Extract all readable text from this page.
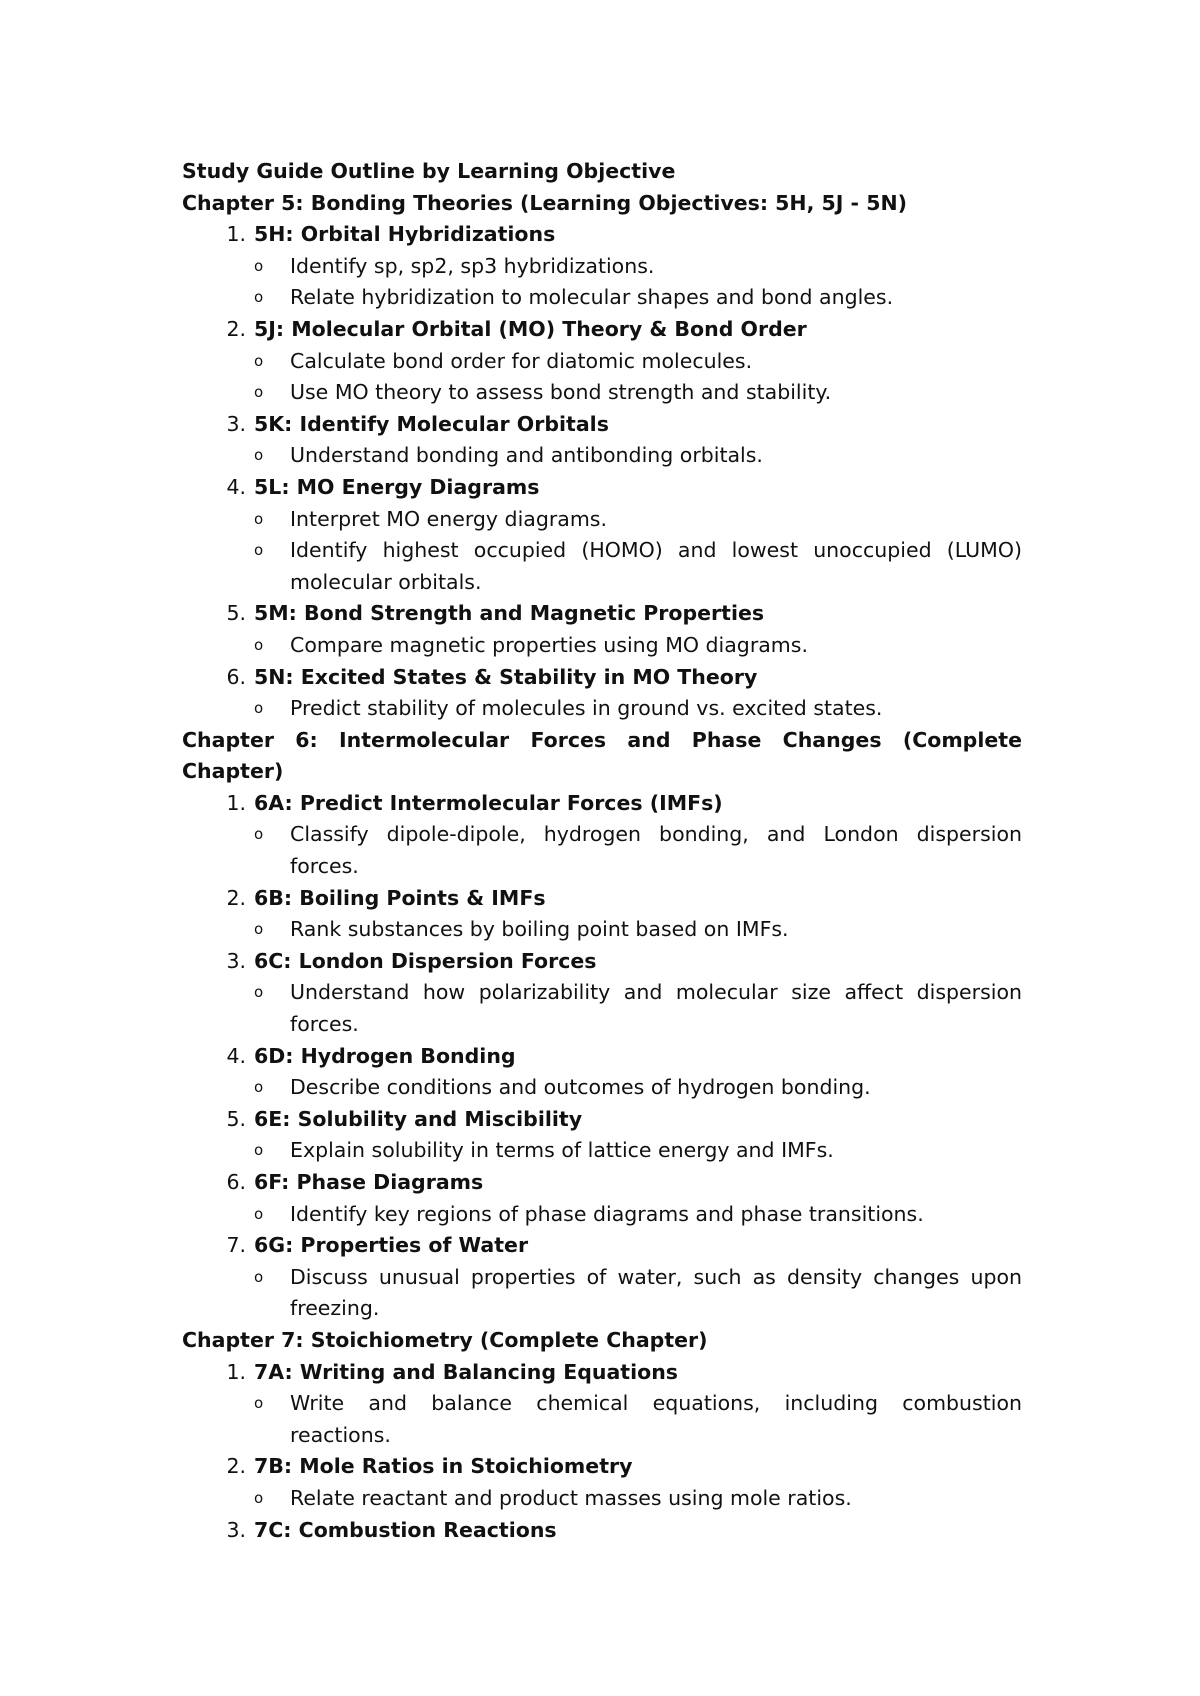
Study Guide Outline by Learning Objective
Chapter 5: Bonding Theories (Learning Objectives: 5H, 5J - 5N)
1. 5H: Orbital Hybridizations
o Identify sp, sp2, sp3 hybridizations.
o Relate hybridization to molecular shapes and bond angles.
2. 5J: Molecular Orbital (MO) Theory & Bond Order
o Calculate bond order for diatomic molecules.
o Use MO theory to assess bond strength and stability.
3. 5K: Identify Molecular Orbitals
o Understand bonding and antibonding orbitals.
4. 5L: MO Energy Diagrams
o Interpret MO energy diagrams.
o Identify highest occupied (HOMO) and lowest unoccupied (LUMO) molecular orbitals.
5. 5M: Bond Strength and Magnetic Properties
o Compare magnetic properties using MO diagrams.
6. 5N: Excited States & Stability in MO Theory
o Predict stability of molecules in ground vs. excited states.
Chapter 6: Intermolecular Forces and Phase Changes (Complete Chapter)
1. 6A: Predict Intermolecular Forces (IMFs)
o Classify dipole-dipole, hydrogen bonding, and London dispersion forces.
2. 6B: Boiling Points & IMFs
o Rank substances by boiling point based on IMFs.
3. 6C: London Dispersion Forces
o Understand how polarizability and molecular size affect dispersion forces.
4. 6D: Hydrogen Bonding
o Describe conditions and outcomes of hydrogen bonding.
5. 6E: Solubility and Miscibility
o Explain solubility in terms of lattice energy and IMFs.
6. 6F: Phase Diagrams
o Identify key regions of phase diagrams and phase transitions.
7. 6G: Properties of Water
o Discuss unusual properties of water, such as density changes upon freezing.
Chapter 7: Stoichiometry (Complete Chapter)
1. 7A: Writing and Balancing Equations
o Write and balance chemical equations, including combustion reactions.
2. 7B: Mole Ratios in Stoichiometry
o Relate reactant and product masses using mole ratios.
3. 7C: Combustion Reactions
